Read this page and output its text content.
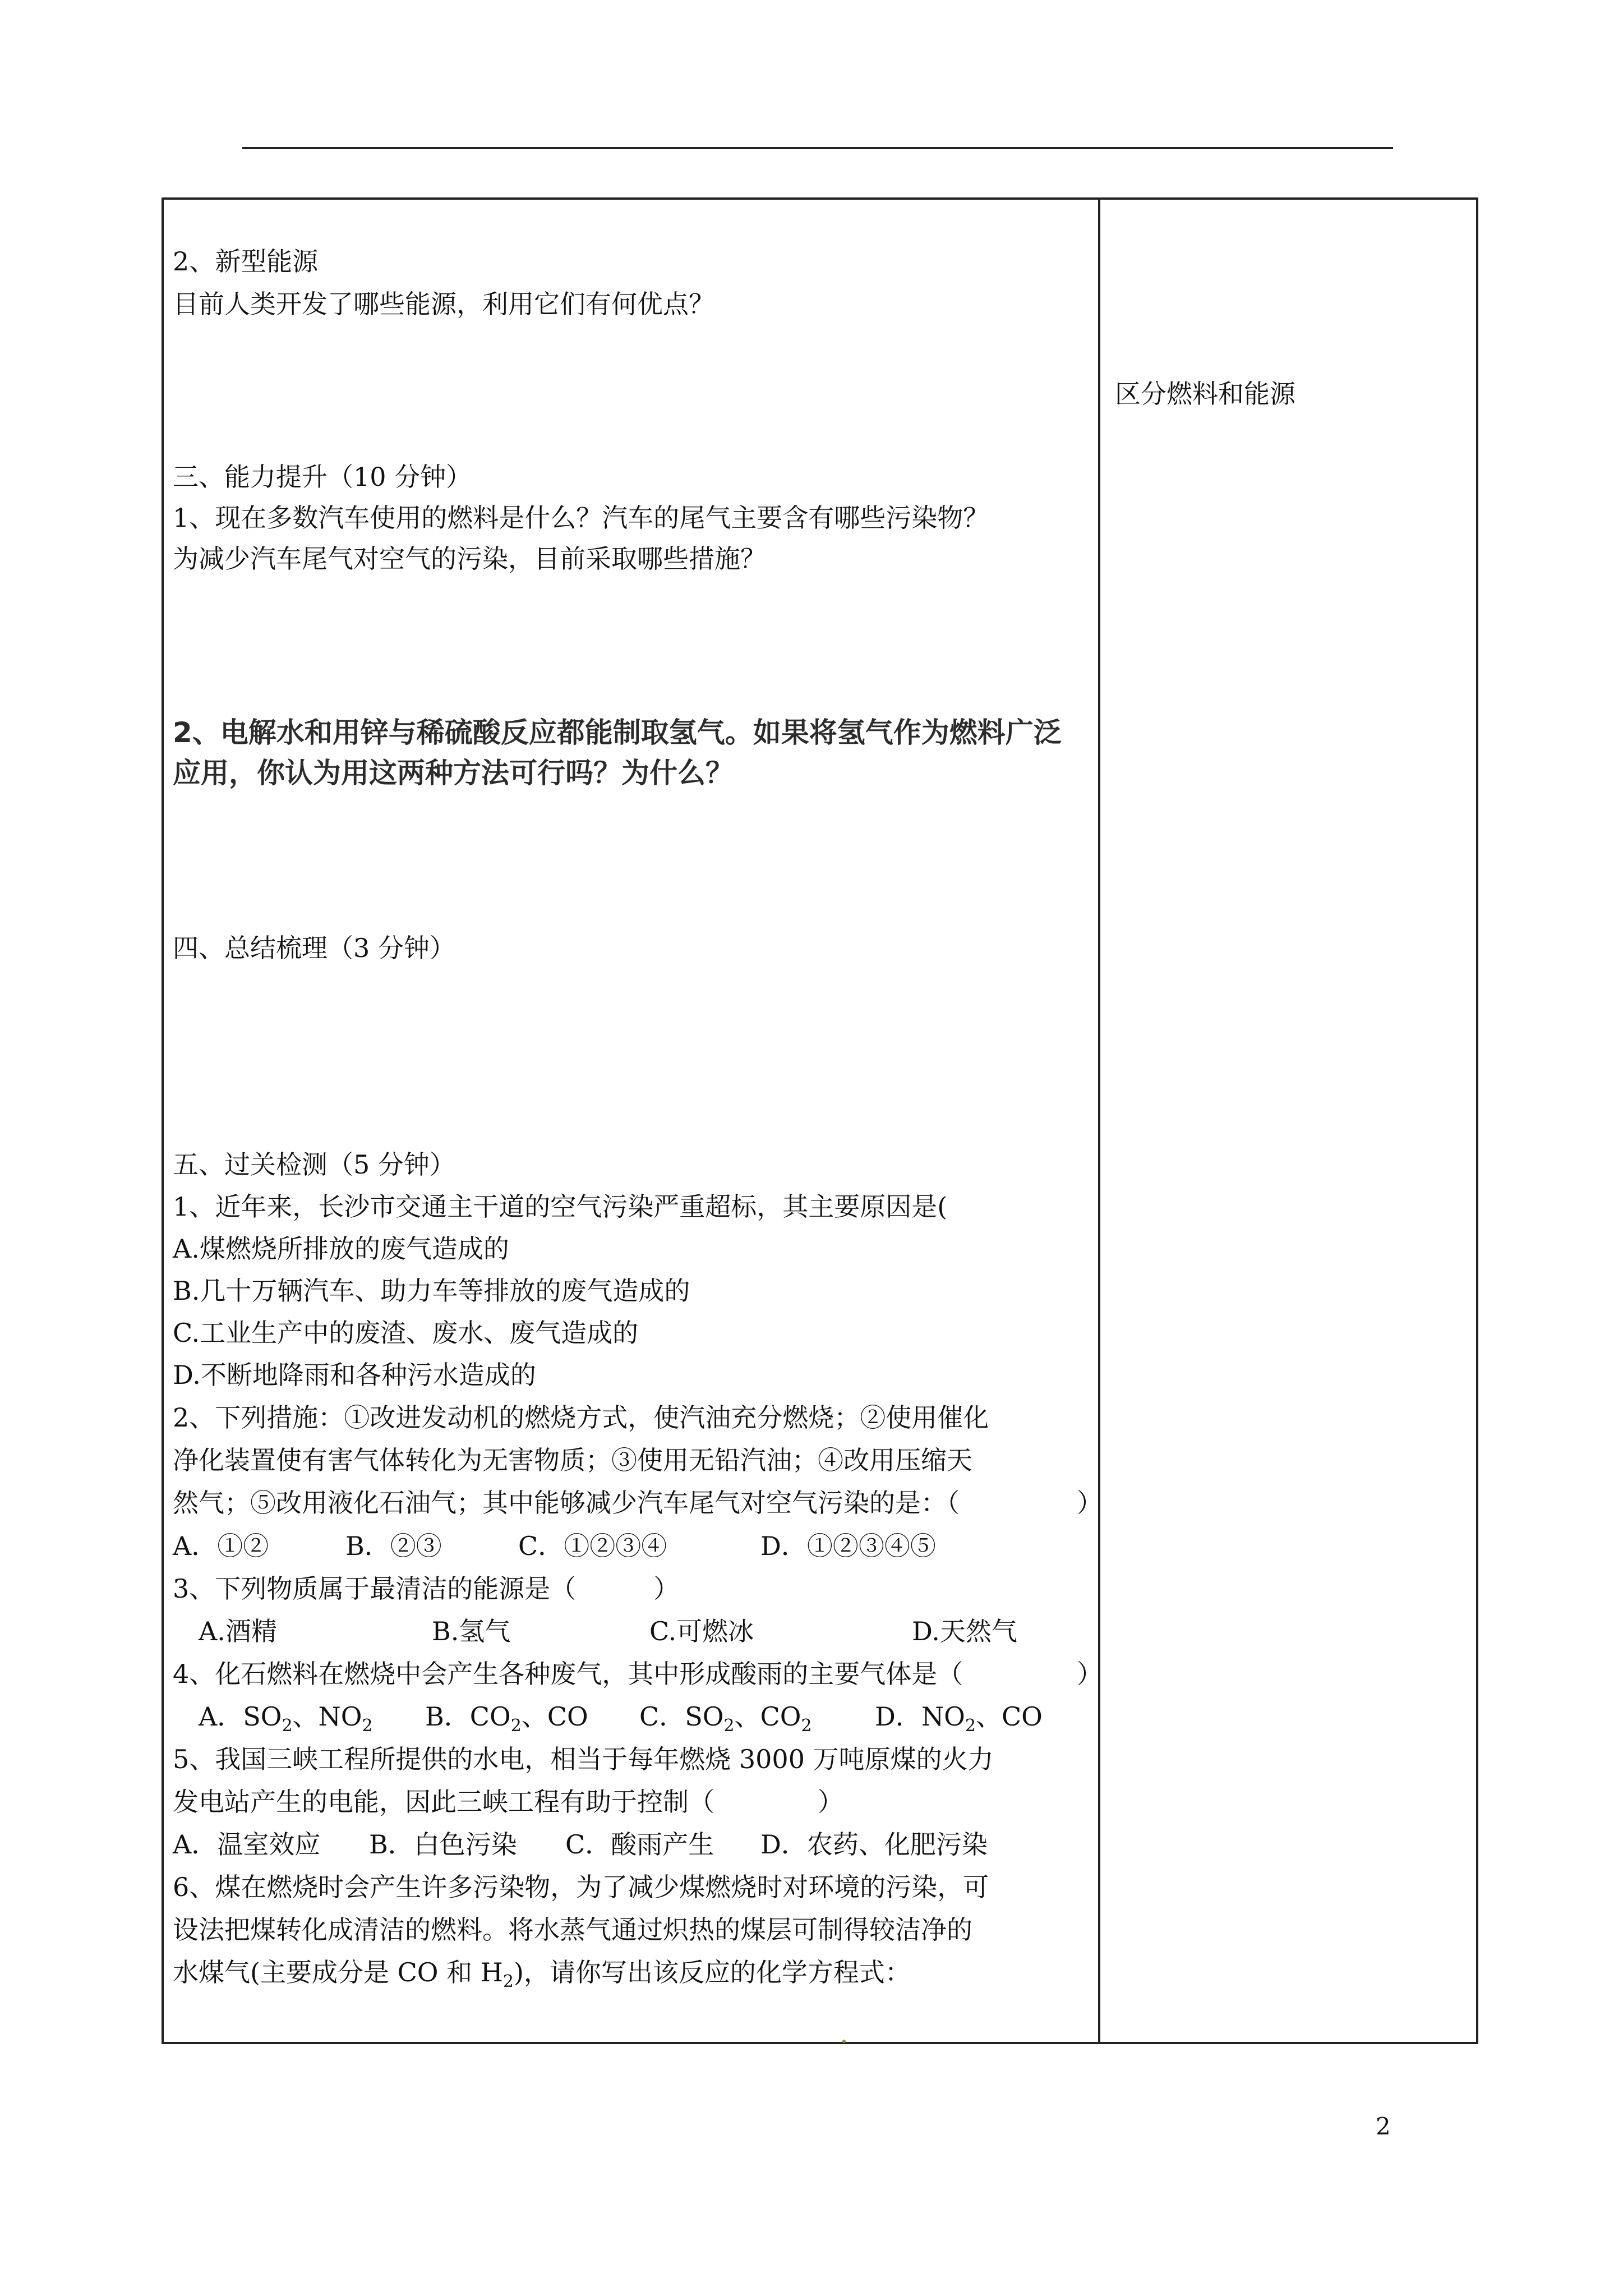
区分燃料和能源
2、新型能源
目前人类开发了哪些能源，利用它们有何优点？
三、能力提升（10 分钟）
1、现在多数汽车使用的燃料是什么？汽车的尾气主要含有哪些污染物？
为减少汽车尾气对空气的污染，目前采取哪些措施？
2、电解水和用锌与稀硫酸反应都能制取氢气。如果将氢气作为燃料广泛
应用，你认为用这两种方法可行吗？为什么？
四、总结梳理（3 分钟）
五、过关检测（5 分钟）
1、近年来，长沙市交通主干道的空气污染严重超标，其主要原因是(
A.煤燃烧所排放的废气造成的
B.几十万辆汽车、助力车等排放的废气造成的
C.工业生产中的废渣、废水、废气造成的
D.不断地降雨和各种污水造成的
2、下列措施：①改进发动机的燃烧方式，使汽油充分燃烧；②使用催化
净化装置使有害气体转化为无害物质；③使用无铅汽油；④改用压缩天
然气；⑤改用液化石油气；其中能够减少汽车尾气对空气污染的是：（	）
A．①②	B．②③	C．①②③④	D．①②③④⑤
3、下列物质属于最清洁的能源是（　　　）
A.酒精	B.氢气	C.可燃冰	D.天然气
4、化石燃料在燃烧中会产生各种废气，其中形成酸雨的主要气体是（	）
A．$SO_2$、$NO_2$ B．$CO_2$、CO C．$SO_2$、$CO_2$ D．$NO_2$、CO
5、我国三峡工程所提供的水电，相当于每年燃烧 3000 万吨原煤的火力
发电站产生的电能，因此三峡工程有助于控制（　　　　）
A．温室效应 B．白色污染 C．酸雨产生 D．农药、化肥污染
6、煤在燃烧时会产生许多污染物，为了减少煤燃烧时对环境的污染，可
设法把煤转化成清洁的燃料。将水蒸气通过炽热的煤层可制得较洁净的
水煤气(主要成分是 CO 和 $H_2$)，请你写出该反应的化学方程式：
2
